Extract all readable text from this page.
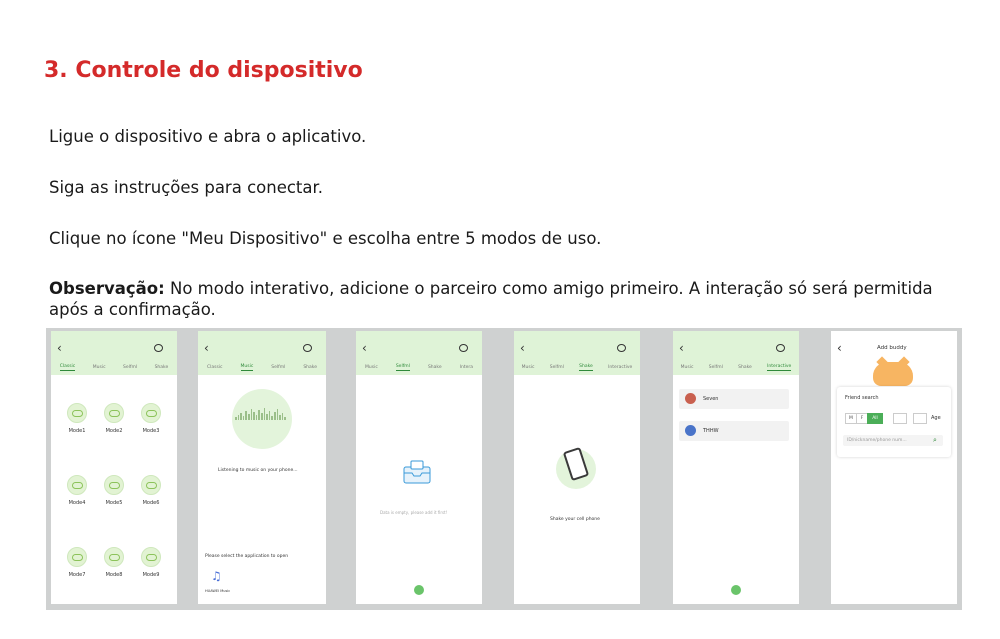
3. Controle do dispositivo
Ligue o dispositivo e abra o aplicativo.
Siga as instruções para conectar.
Clique no ícone "Meu Dispositivo" e escolha entre 5 modos de uso.
Observação: No modo interativo, adicione o parceiro como amigo primeiro. A interação só será permitida após a confirmação.
‹
Classic	Music	Selfml	Shake
Mode1	Mode2	Mode3
Mode4	Mode5	Mode6
Mode7	Mode8	Mode9
‹
Classic	Music	Selfml	Shake
Listening to music on your phone...
Please select the application to open
♫
HUAWEI Music
‹
Music	Selfml	Shake	Intera
Data is empty, please add it first!
‹
Music	Selfml	Shake	Interactive
Shake your cell phone
‹
Music	Selfml	Shake	Interactive
Seven
THHW
‹	Add buddy
Friend search
M	F	All	Age
ID/nickname/phone num...	⌕
